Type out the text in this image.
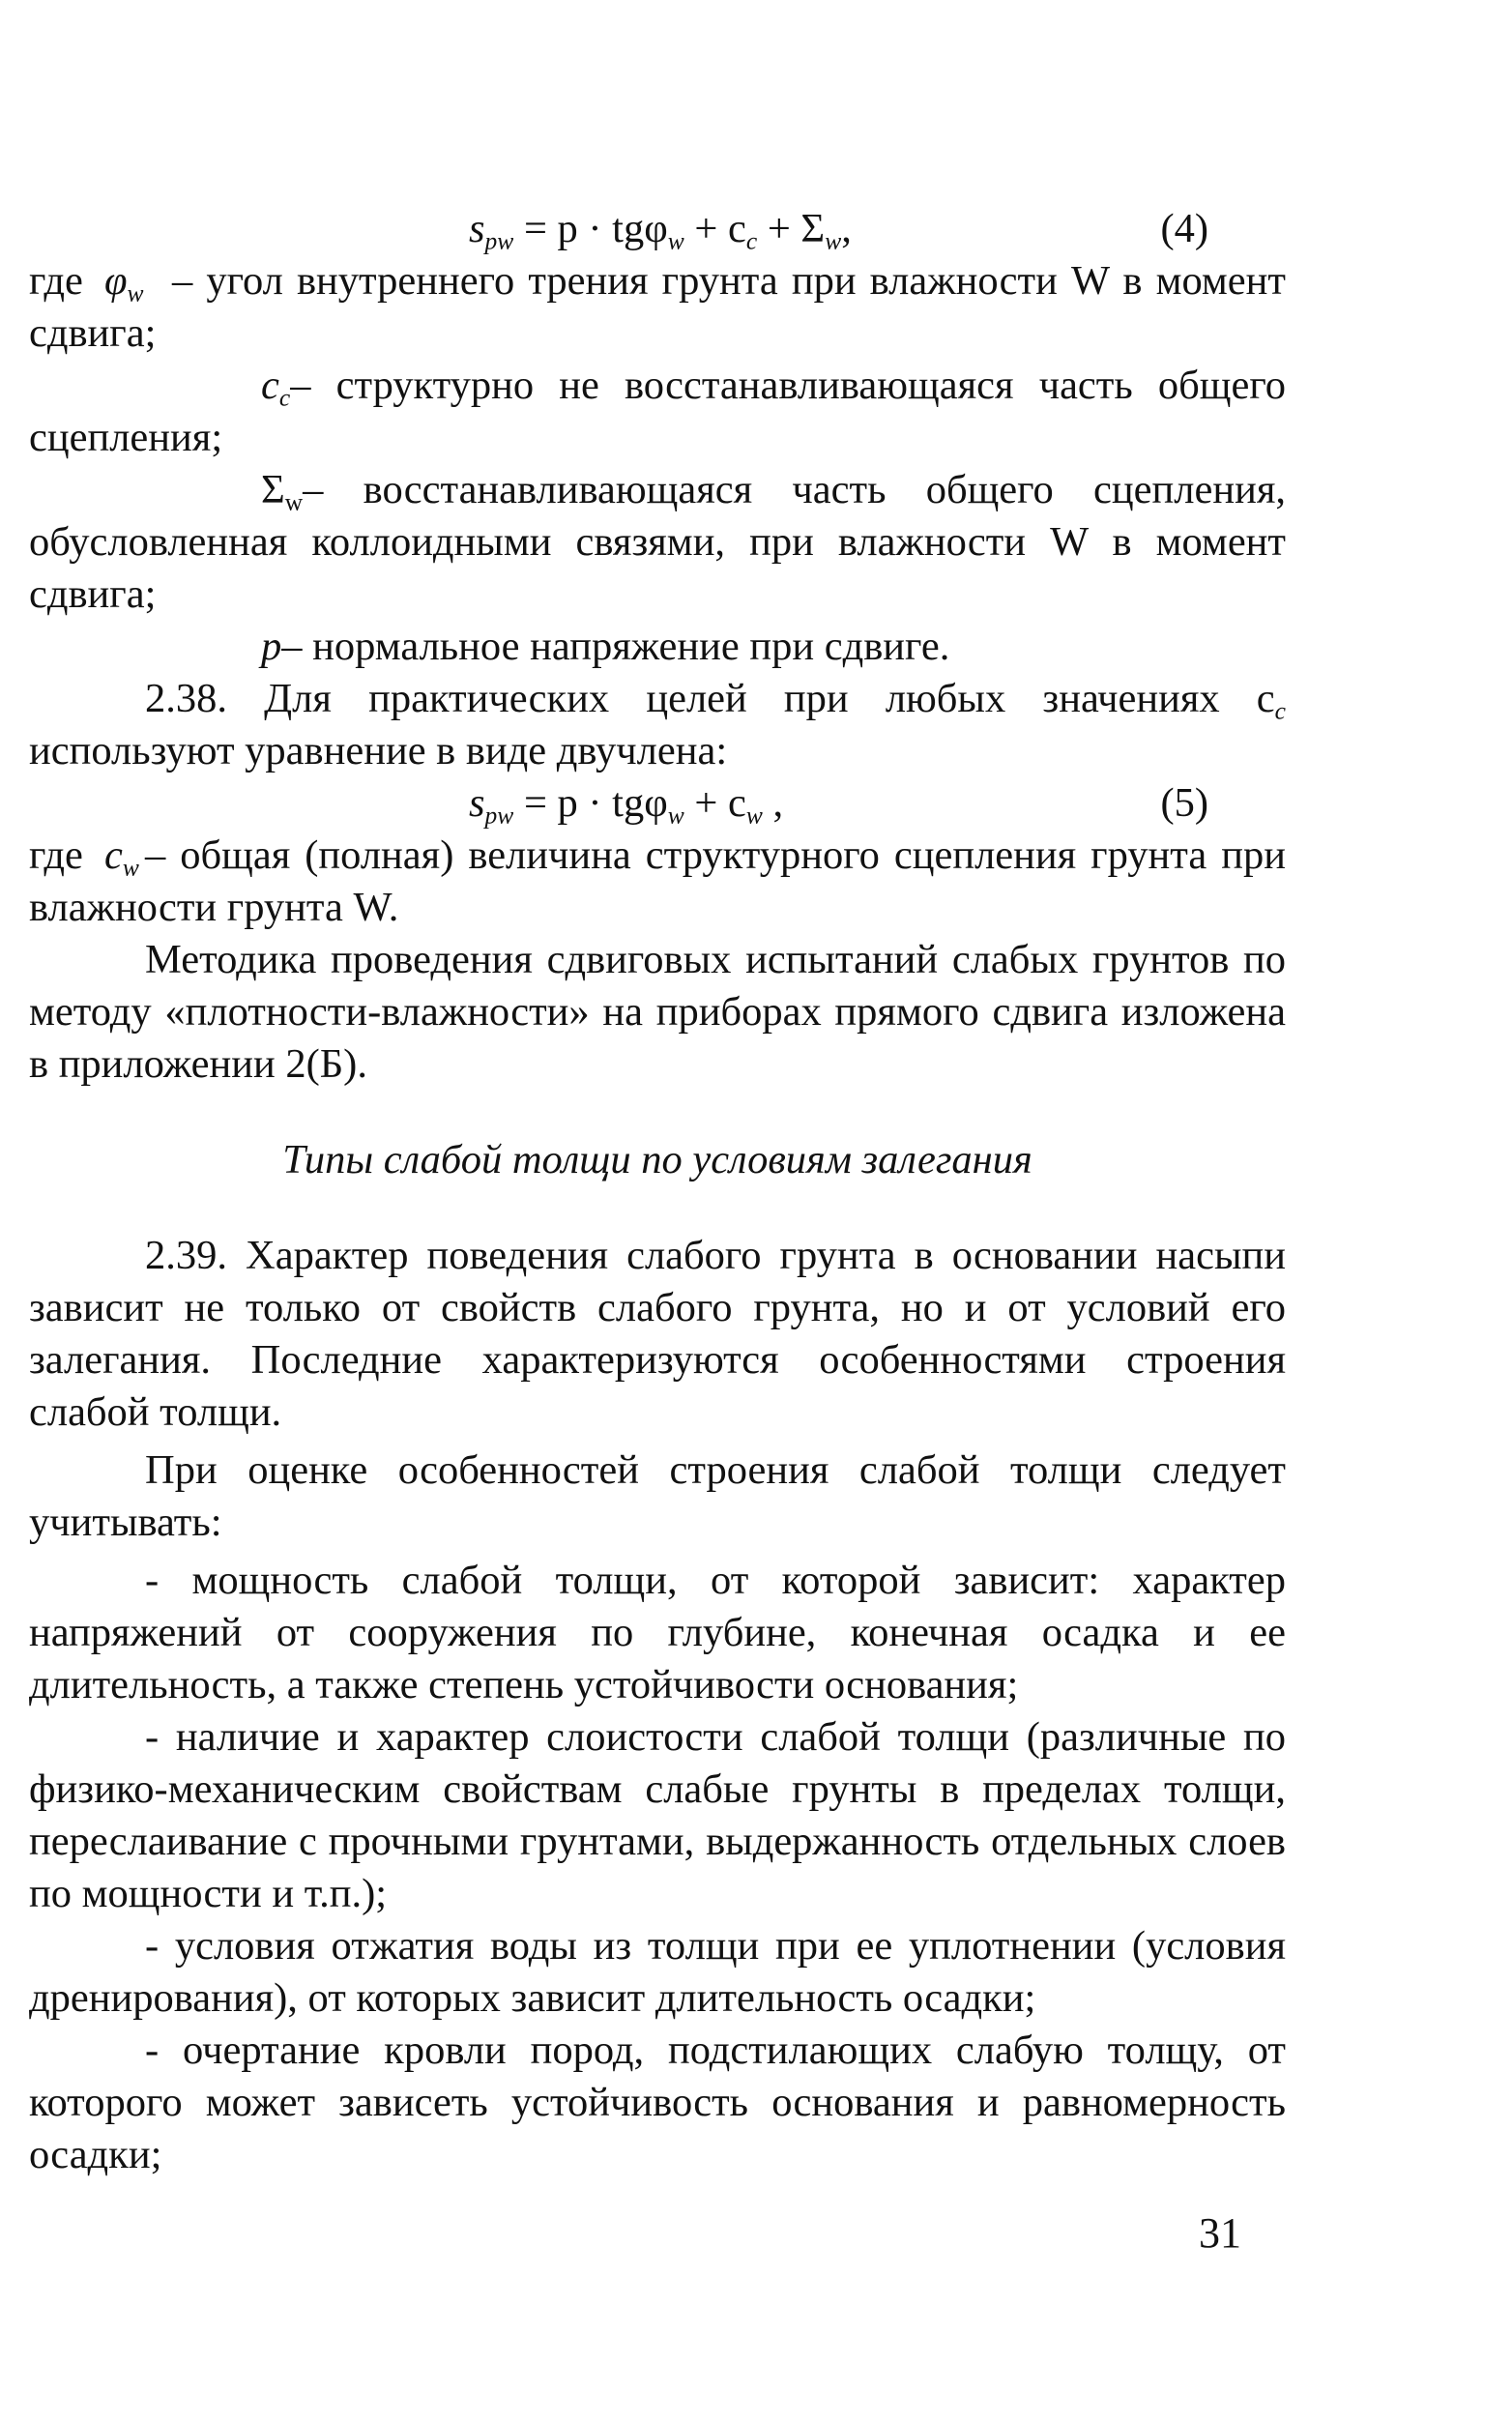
$s_{pw} = p \cdot tg\varphi_w + c_c + \Sigma_w$,	(4)

где $\varphi_w$ – угол внутреннего трения грунта при влажности W в момент сдвига;

$c_c-$ структурно не восстанавливающаяся часть общего сцепления;

$\Sigma_w-$ восстанавливающаяся часть общего сцепления, обусловленная коллоидными связями, при влажности W в момент сдвига;

p– нормальное напряжение при сдвиге.

2.38. Для практических целей при любых значениях $c_c$ используют уравнение в виде двучлена:

$s_{pw} = p \cdot tg\varphi_w + c_w$ ,	(5)

где $c_w$ – общая (полная) величина структурного сцепления грунта при влажности грунта W.

Методика проведения сдвиговых испытаний слабых грунтов по методу «плотности-влажности» на приборах прямого сдвига изложена в приложении 2(Б).

Типы слабой толщи по условиям залегания

2.39. Характер поведения слабого грунта в основании насыпи зависит не только от свойств слабого грунта, но и от условий его залегания. Последние характеризуются особенностями строения слабой толщи.

При оценке особенностей строения слабой толщи следует учитывать:

- мощность слабой толщи, от которой зависит: характер напряжений от сооружения по глубине, конечная осадка и ее длительность, а также степень устойчивости основания;

- наличие и характер слоистости слабой толщи (различные по физико-механическим свойствам слабые грунты в пределах толщи, переслаивание с прочными грунтами, выдержанность отдельных слоев по мощности и т.п.);

- условия отжатия воды из толщи при ее уплотнении (условия дренирования), от которых зависит длительность осадки;

- очертание кровли пород, подстилающих слабую толщу, от которого может зависеть устойчивость основания и равномерность осадки;

31
